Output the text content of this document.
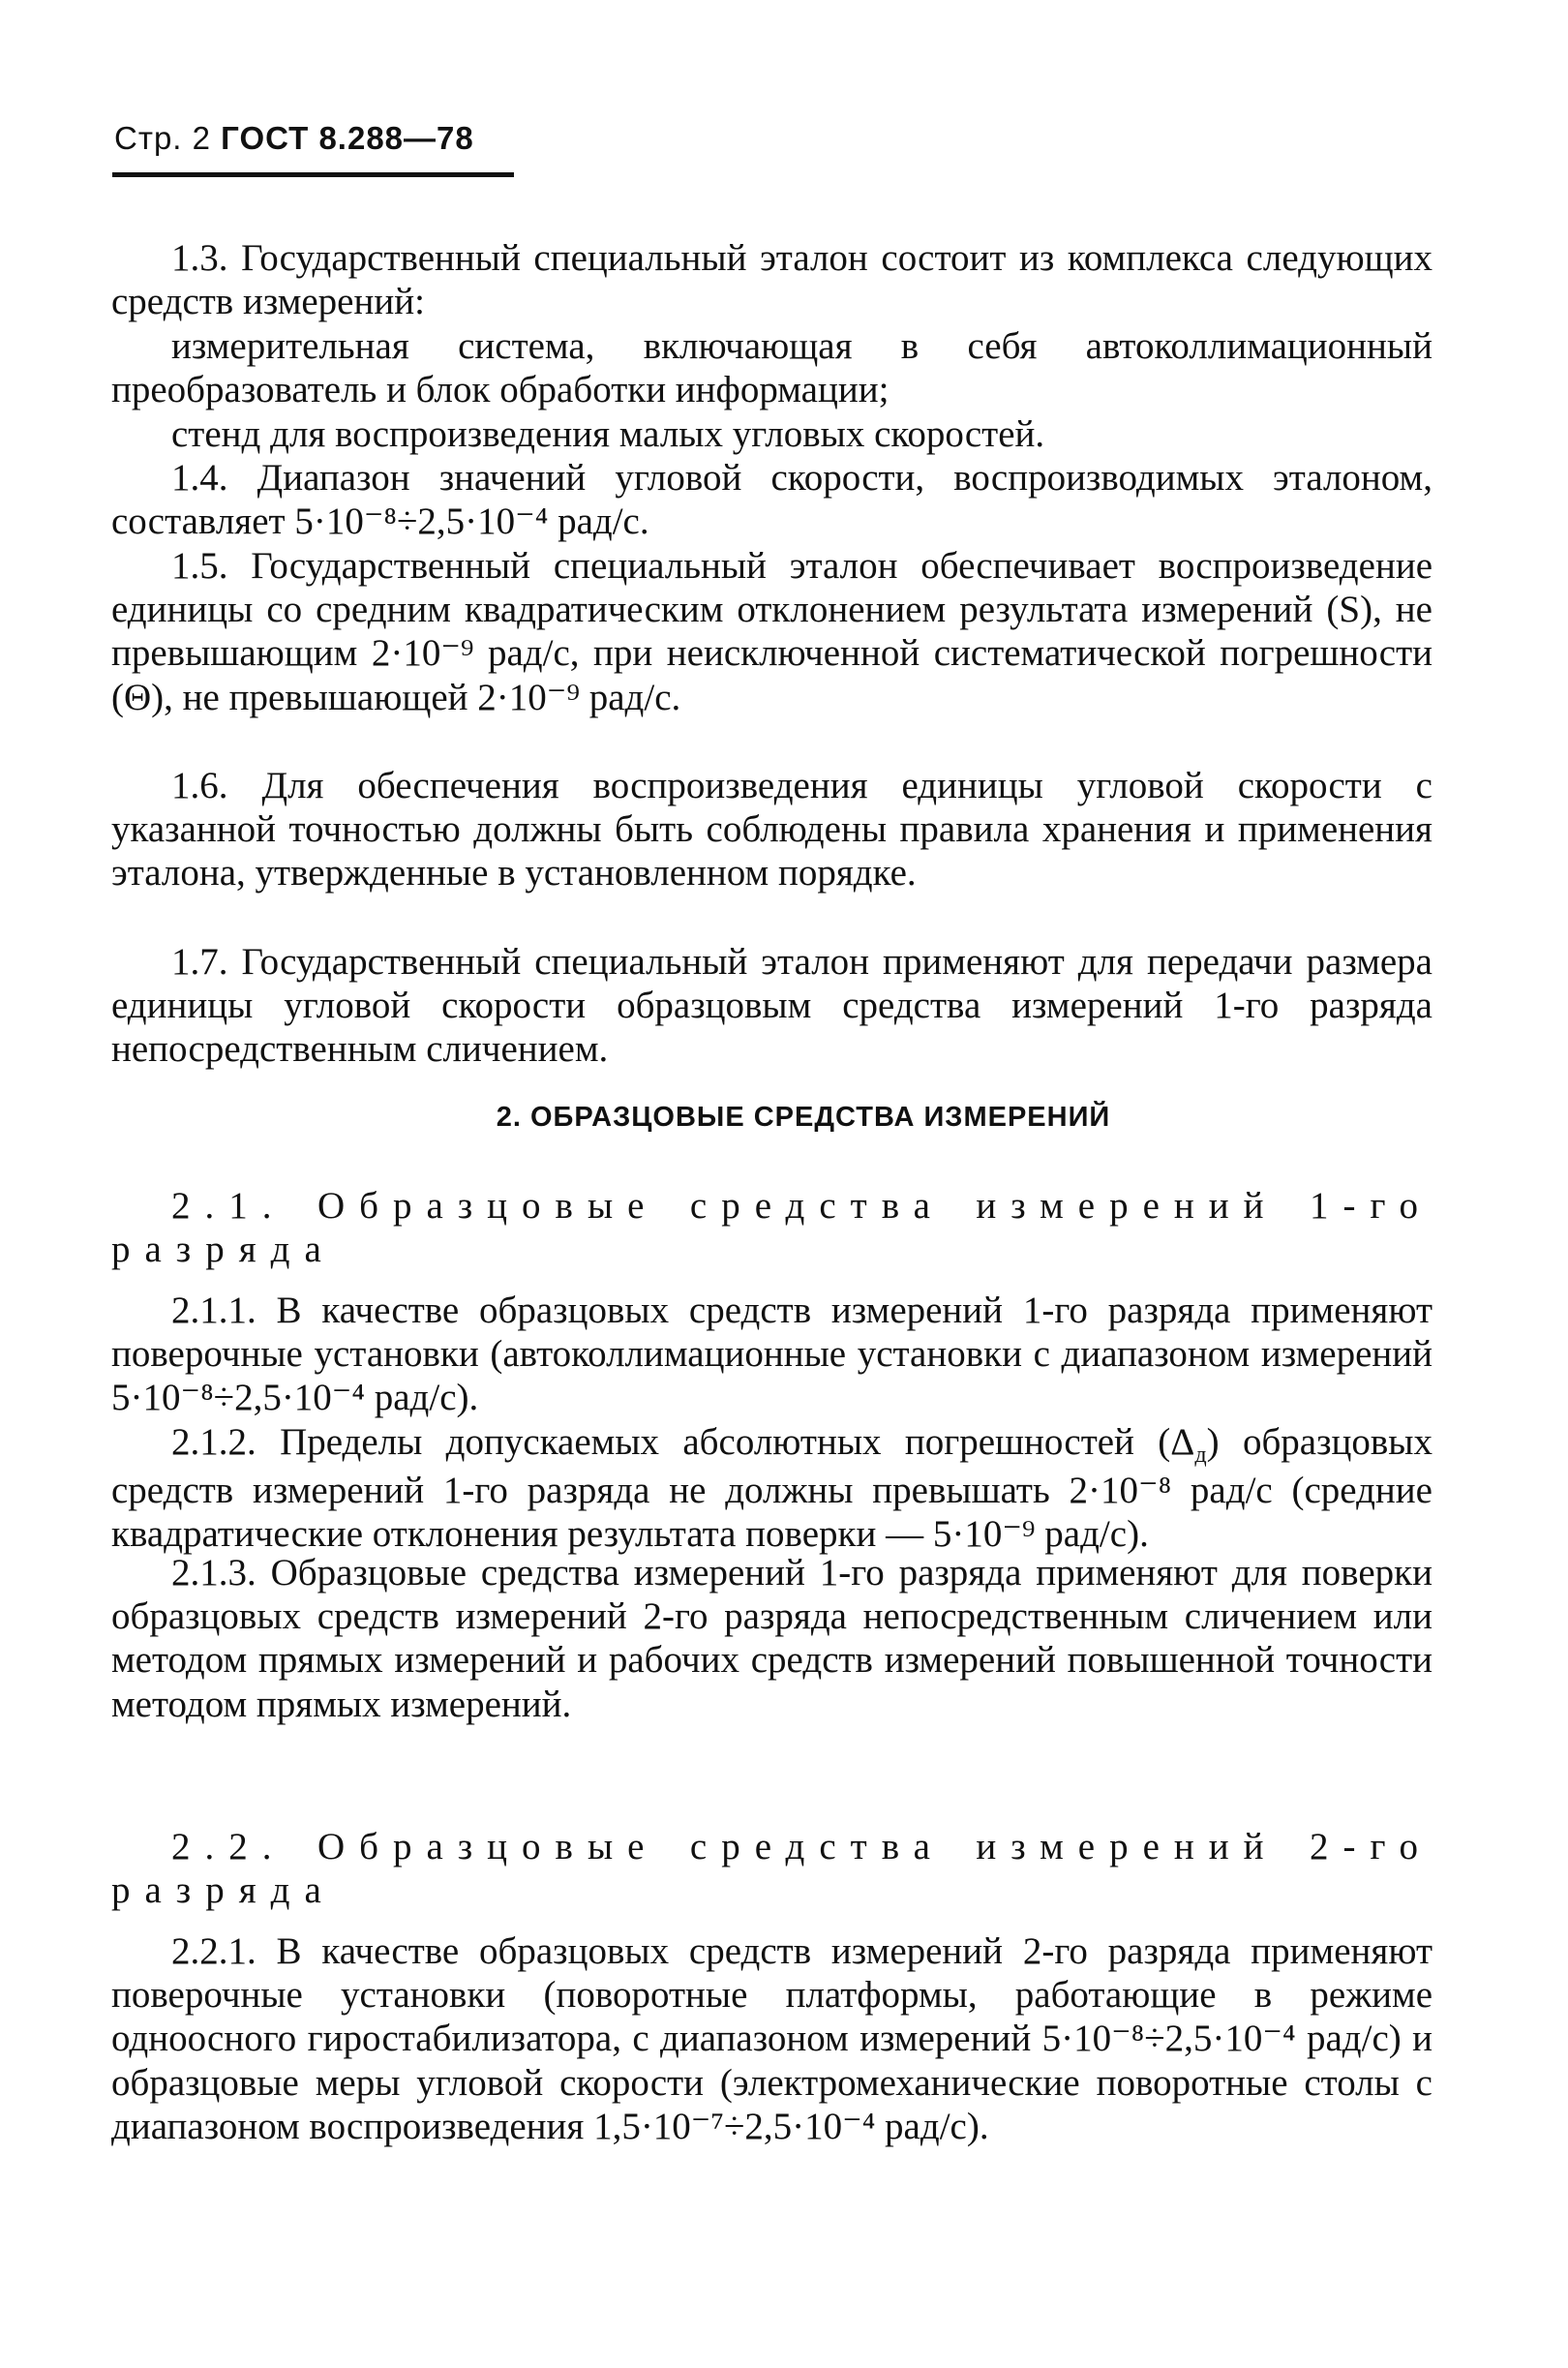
Стр. 2 ГОСТ 8.288—78

1.3. Государственный специальный эталон состоит из комплекса следующих средств измерений:

измерительная система, включающая в себя автоколлимационный преобразователь и блок обработки информации;

стенд для воспроизведения малых угловых скоростей.

1.4. Диапазон значений угловой скорости, воспроизводимых эталоном, составляет 5·10⁻⁸÷2,5·10⁻⁴ рад/с.

1.5. Государственный специальный эталон обеспечивает воспроизведение единицы со средним квадратическим отклонением результата измерений (S), не превышающим 2·10⁻⁹ рад/с, при неисключенной систематической погрешности (Θ), не превышающей 2·10⁻⁹ рад/с.

1.6. Для обеспечения воспроизведения единицы угловой скорости с указанной точностью должны быть соблюдены правила хранения и применения эталона, утвержденные в установленном порядке.

1.7. Государственный специальный эталон применяют для передачи размера единицы угловой скорости образцовым средства измерений 1-го разряда непосредственным сличением.

2. ОБРАЗЦОВЫЕ СРЕДСТВА ИЗМЕРЕНИЙ

2.1. Образцовые средства измерений 1-го разряда

2.1.1. В качестве образцовых средств измерений 1-го разряда применяют поверочные установки (автоколлимационные установки с диапазоном измерений 5·10⁻⁸÷2,5·10⁻⁴ рад/с).

2.1.2. Пределы допускаемых абсолютных погрешностей (Δд) образцовых средств измерений 1-го разряда не должны превышать 2·10⁻⁸ рад/с (средние квадратические отклонения результата поверки — 5·10⁻⁹ рад/с).

2.1.3. Образцовые средства измерений 1-го разряда применяют для поверки образцовых средств измерений 2-го разряда непосредственным сличением или методом прямых измерений и рабочих средств измерений повышенной точности методом прямых измерений.

2.2. Образцовые средства измерений 2-го разряда

2.2.1. В качестве образцовых средств измерений 2-го разряда применяют поверочные установки (поворотные платформы, работающие в режиме одноосного гиростабилизатора, с диапазоном измерений 5·10⁻⁸÷2,5·10⁻⁴ рад/с) и образцовые меры угловой скорости (электромеханические поворотные столы с диапазоном воспроизведения 1,5·10⁻⁷÷2,5·10⁻⁴ рад/с).
